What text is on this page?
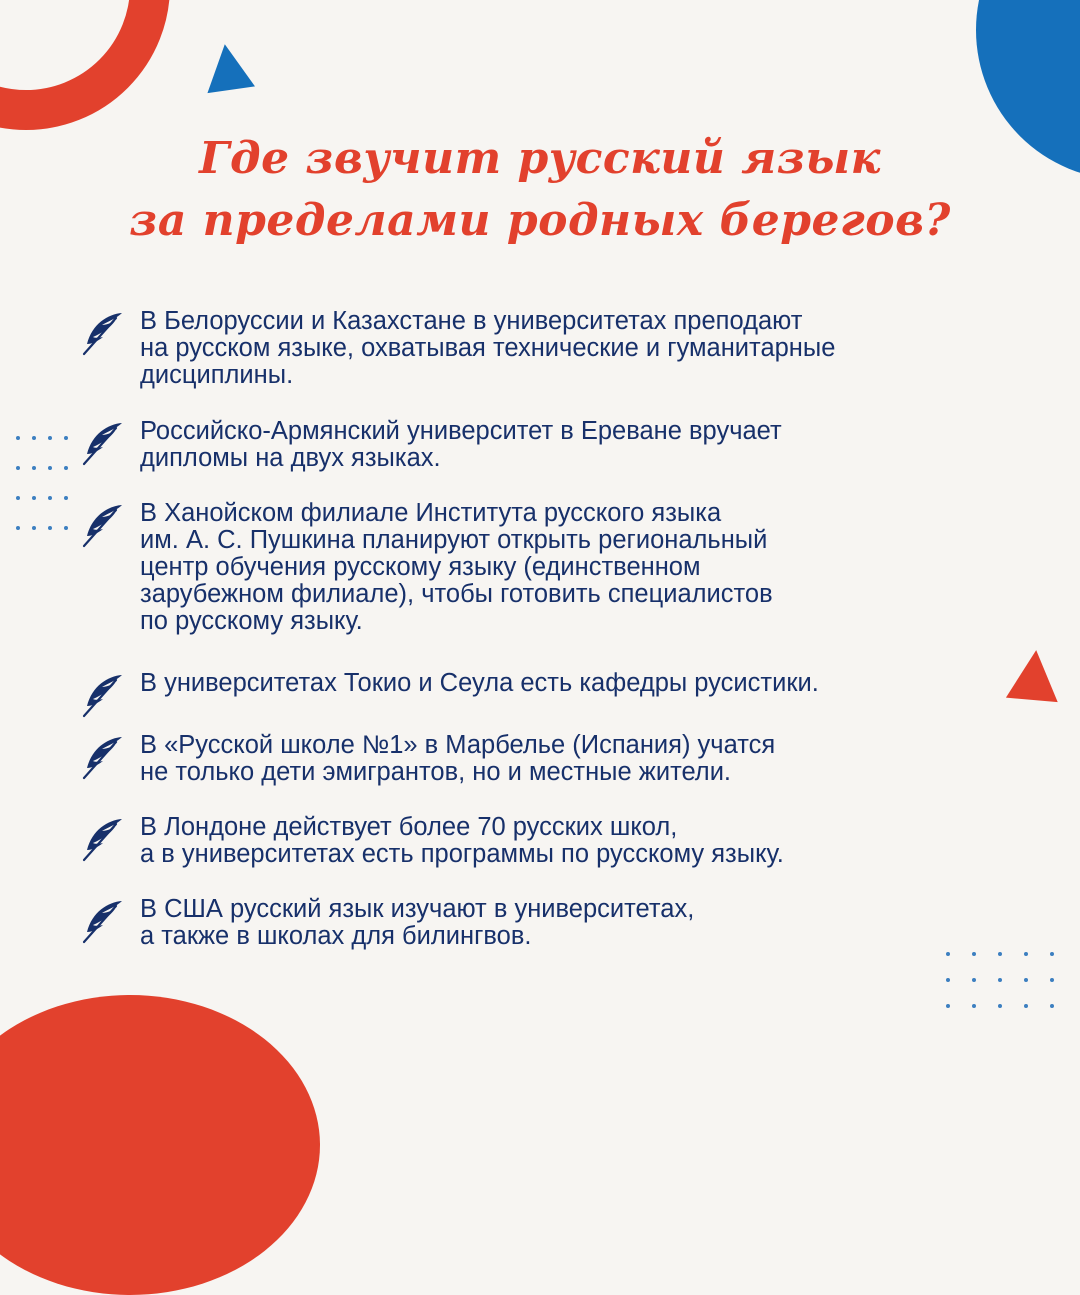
Где звучит русский язык
за пределами родных берегов?
В Белоруссии и Казахстане в университетах преподают
на русском языке, охватывая технические и гуманитарные
дисциплины.
Российско-Армянский университет в Ереване вручает
дипломы на двух языках.
В Ханойском филиале Института русского языка
им. А. С. Пушкина планируют открыть региональный
центр обучения русскому языку (единственном
зарубежном филиале), чтобы готовить специалистов
по русскому языку.
В университетах Токио и Сеула есть кафедры русистики.
В «Русской школе №1» в Марбелье (Испания) учатся
не только дети эмигрантов, но и местные жители.
В Лондоне действует более 70 русских школ,
а в университетах есть программы по русскому языку.
В США русский язык изучают в университетах,
а также в школах для билингвов.
